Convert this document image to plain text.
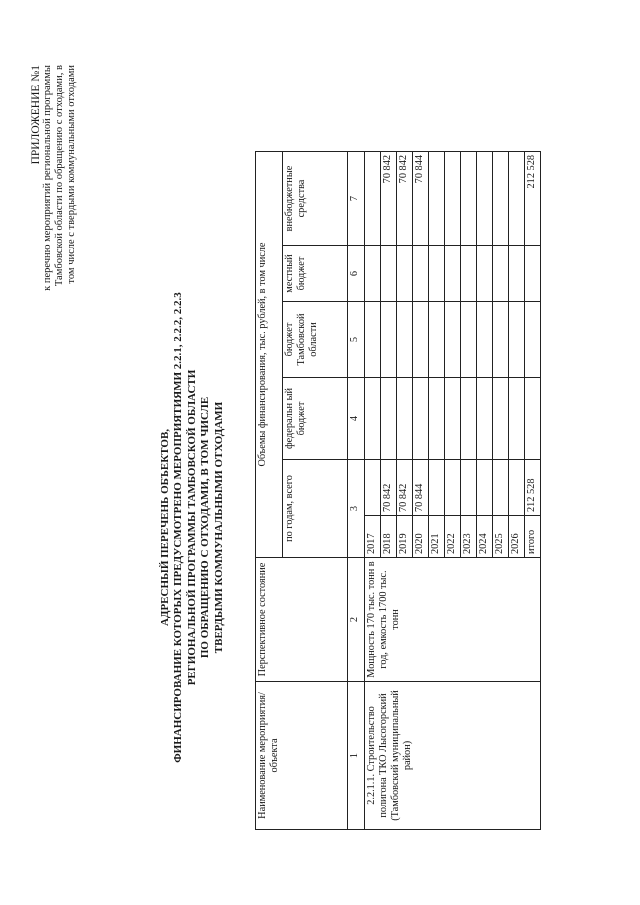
ПРИЛОЖЕНИЕ №1 к перечню мероприятий региональной программы Тамбовской области по обращению с отходами, в том числе с твердыми коммунальными отходами
АДРЕСНЫЙ ПЕРЕЧЕНЬ ОБЪЕКТОВ, ФИНАНСИРОВАНИЕ КОТОРЫХ ПРЕДУСМОТРЕНО МЕРОПРИЯТИЯМИ 2.2.1, 2.2.2, 2.2.3 РЕГИОНАЛЬНОЙ ПРОГРАММЫ ТАМБОВСКОЙ ОБЛАСТИ ПО ОБРАЩЕНИЮ С ОТХОДАМИ, В ТОМ ЧИСЛЕ ТВЕРДЫМИ КОММУНАЛЬНЫМИ ОТХОДАМИ
Наименование мероприятия/объекта	Перспективное состояние	Объемы финансирования, тыс. рублей, в том числе					
		по годам, всего		федеральн ый бюджет	бюджет Тамбовской области	местный бюджет	внебюджетные средства
1	2	3		4	5	6	7
2.2.1.1. Строительство полигона ТКО Лысогорский (Тамбовский муниципальный район)	Мощность 170 тыс. тонн в год, емкость 1700 тыс. тонн	2017					
		2018	70 842				70 842
		2019	70 842				70 842
		2020	70 844				70 844
		2021					
		2022					
		2023					
		2024					
		2025					
		2026					
		итого	212 528				212 528
